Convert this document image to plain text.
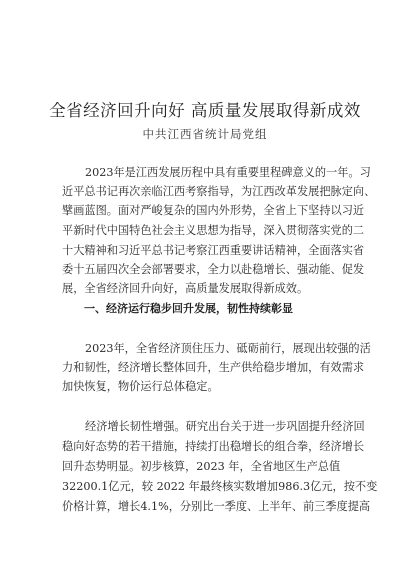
全省经济回升向好 高质量发展取得新成效
中共江西省统计局党组
2023年是江西发展历程中具有重要里程碑意义的一年。习
近平总书记再次亲临江西考察指导，为江西改革发展把脉定向、
擘画蓝图。面对严峻复杂的国内外形势，全省上下坚持以习近
平新时代中国特色社会主义思想为指导，深入贯彻落实党的二
十大精神和习近平总书记考察江西重要讲话精神，全面落实省
委十五届四次全会部署要求，全力以赴稳增长、强动能、促发
展，全省经济回升向好，高质量发展取得新成效。
一、经济运行稳步回升发展，韧性持续彰显
2023年，全省经济顶住压力、砥砺前行，展现出较强的活
力和韧性，经济增长整体回升，生产供给稳步增加，有效需求
加快恢复，物价运行总体稳定。
经济增长韧性增强。研究出台关于进一步巩固提升经济回
稳向好态势的若干措施，持续打出稳增长的组合拳，经济增长
回升态势明显。初步核算，2023 年，全省地区生产总值
32200.1亿元，较 2022 年最终核实数增加986.3亿元，按不变
价格计算，增长4.1%，分别比一季度、上半年、前三季度提高
